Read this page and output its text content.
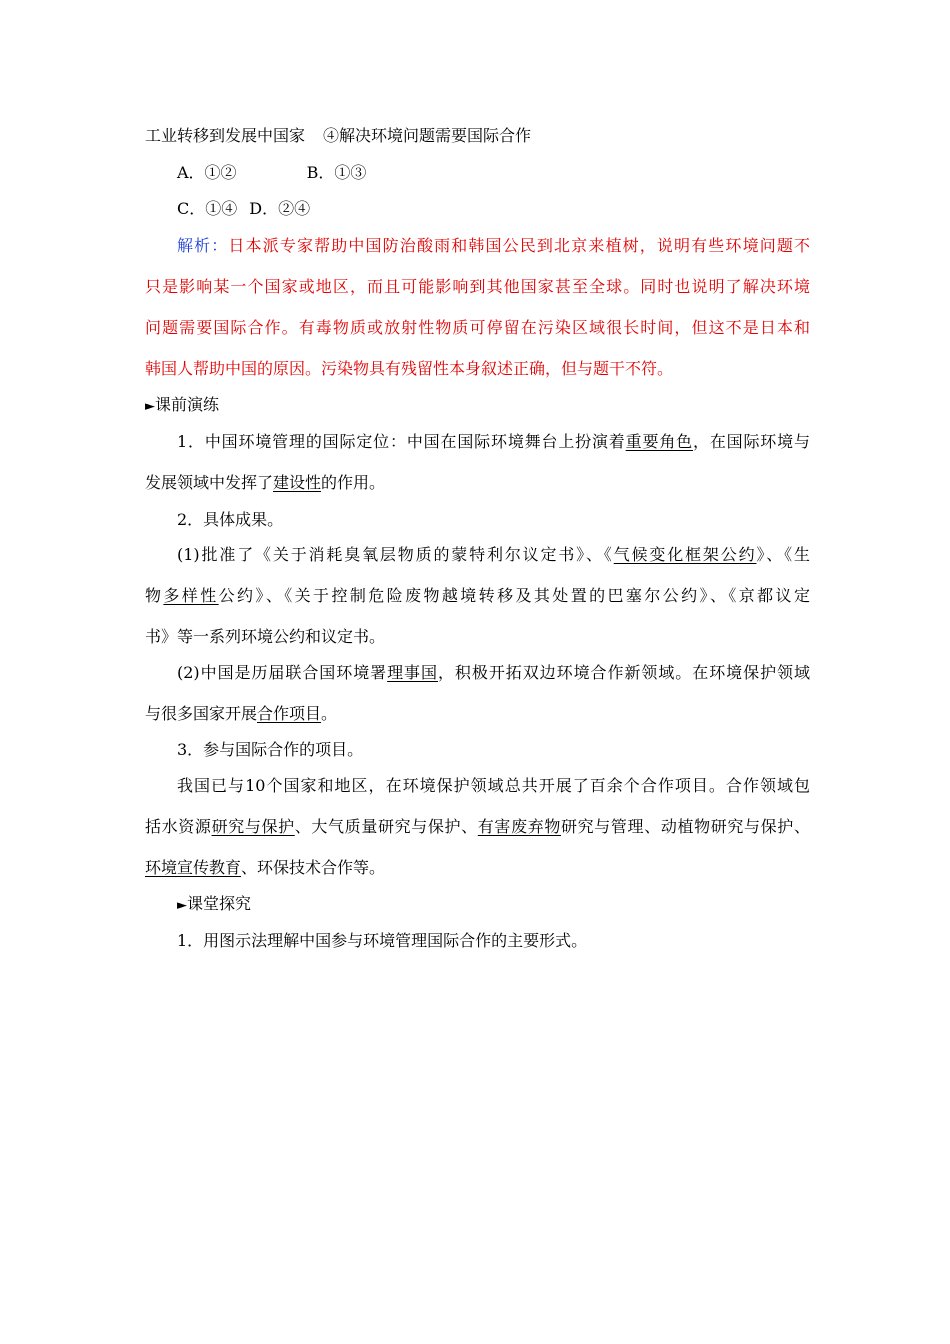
工业转移到发展中国家 ④解决环境问题需要国际合作
A．①②	B．①③
C．①④ D．②④
解析：日本派专家帮助中国防治酸雨和韩国公民到北京来植树，说明有些环境问题不
只是影响某一个国家或地区，而且可能影响到其他国家甚至全球。同时也说明了解决环境
问题需要国际合作。有毒物质或放射性物质可停留在污染区域很长时间，但这不是日本和
韩国人帮助中国的原因。污染物具有残留性本身叙述正确，但与题干不符。
►课前演练
1．中国环境管理的国际定位：中国在国际环境舞台上扮演着重要角色，在国际环境与
发展领域中发挥了建设性的作用。
2．具体成果。
(1)批准了《关于消耗臭氧层物质的蒙特利尔议定书》、《气候变化框架公约》、《生
物多样性公约》、《关于控制危险废物越境转移及其处置的巴塞尔公约》、《京都议定
书》等一系列环境公约和议定书。
(2)中国是历届联合国环境署理事国，积极开拓双边环境合作新领域。在环境保护领域
与很多国家开展合作项目。
3．参与国际合作的项目。
我国已与10个国家和地区，在环境保护领域总共开展了百余个合作项目。合作领域包
括水资源研究与保护、大气质量研究与保护、有害废弃物研究与管理、动植物研究与保护、
环境宣传教育、环保技术合作等。
►课堂探究
1．用图示法理解中国参与环境管理国际合作的主要形式。
